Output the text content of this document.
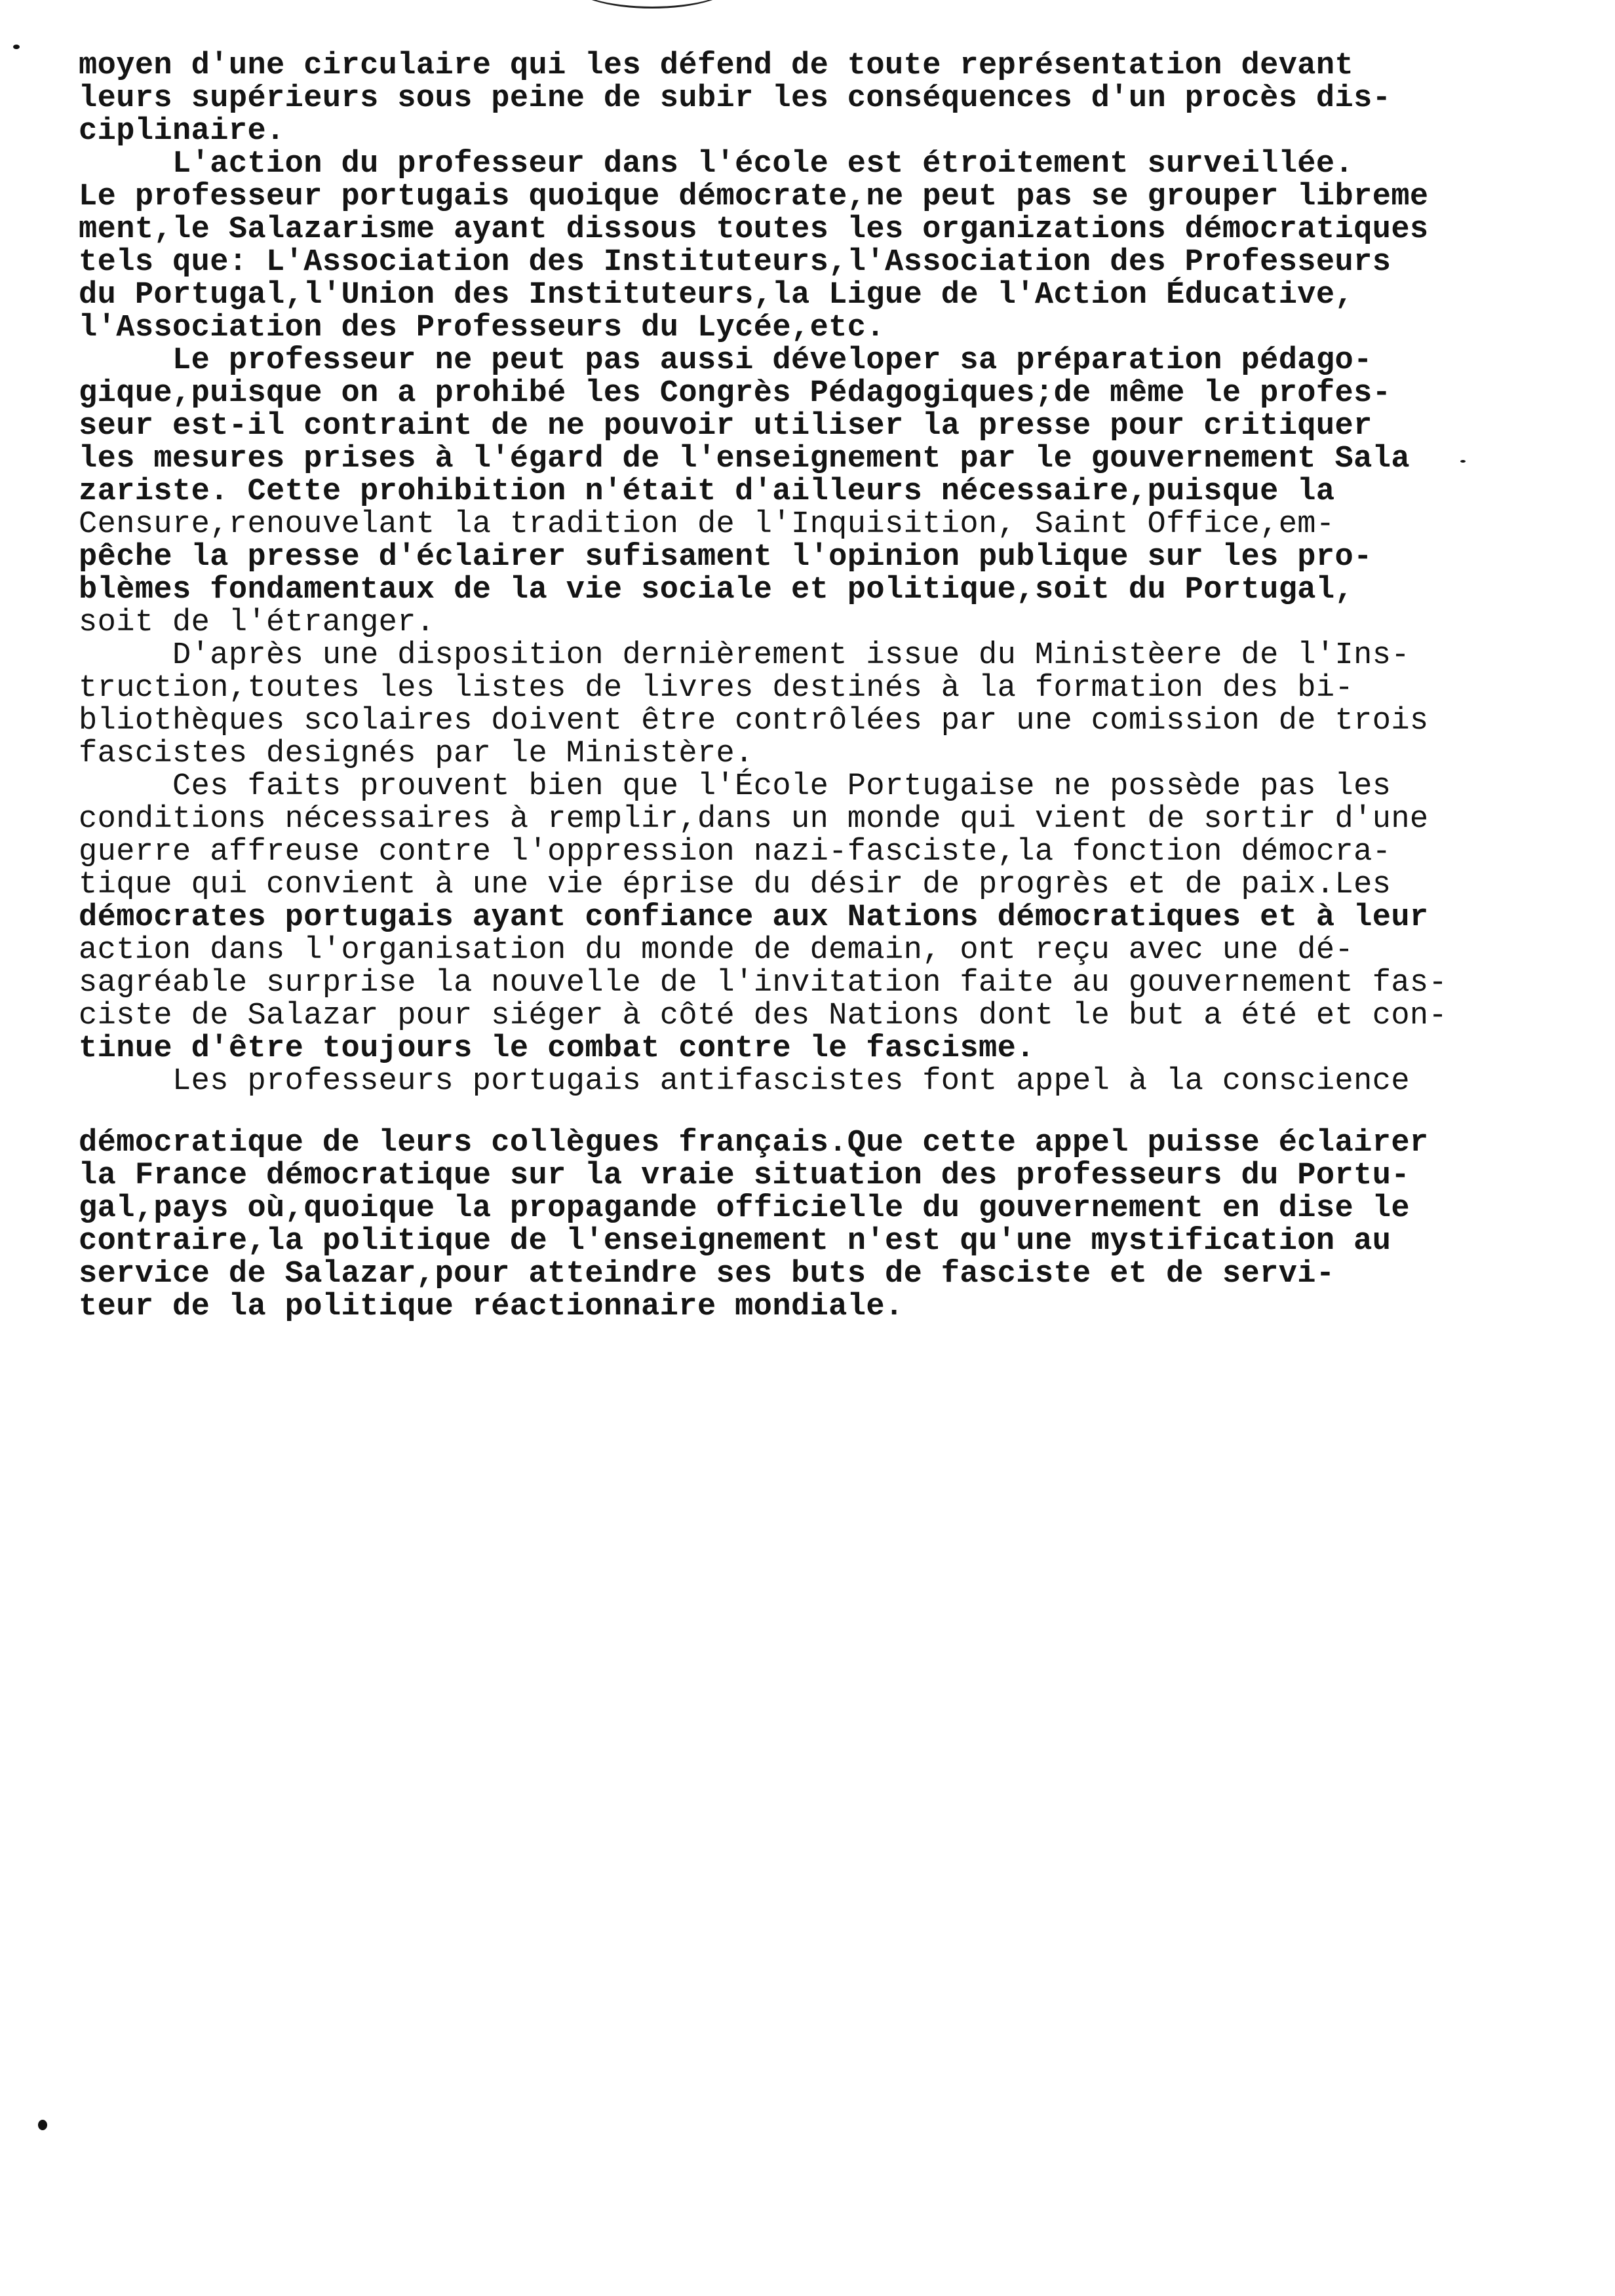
moyen d'une circulaire qui les défend de toute représentation devant
leurs supérieurs sous peine de subir les conséquences d'un procès dis-
ciplinaire.
L'action du professeur dans l'école est étroitement surveillée.
Le professeur portugais quoique démocrate,ne peut pas se grouper libreme
ment,le Salazarisme ayant dissous toutes les organizations démocratiques
tels que: L'Association des Instituteurs,l'Association des Professeurs
du Portugal,l'Union des Instituteurs,la Ligue de l'Action Éducative,
l'Association des Professeurs du Lycée,etc.
Le professeur ne peut pas aussi déveloper sa préparation pédago-
gique,puisque on a prohibé les Congrès Pédagogiques;de même le profes-
seur est-il contraint de ne pouvoir utiliser la presse pour critiquer
les mesures prises à l'égard de l'enseignement par le gouvernement Sala
zariste. Cette prohibition n'était d'ailleurs nécessaire,puisque la
Censure,renouvelant la tradition de l'Inquisition, Saint Office,em-
pêche la presse d'éclairer sufisament l'opinion publique sur les pro-
blèmes fondamentaux de la vie sociale et politique,soit du Portugal,
soit de l'étranger.
D'après une disposition dernièrement issue du Ministèere de l'Ins-
truction,toutes les listes de livres destinés à la formation des bi-
bliothèques scolaires doivent être contrôlées par une comission de trois
fascistes designés par le Ministère.
Ces faits prouvent bien que l'École Portugaise ne possède pas les
conditions nécessaires à remplir,dans un monde qui vient de sortir d'une
guerre affreuse contre l'oppression nazi-fasciste,la fonction démocra-
tique qui convient à une vie éprise du désir de progrès et de paix.Les
démocrates portugais ayant confiance aux Nations démocratiques et à leur
action dans l'organisation du monde de demain, ont reçu avec une dé-
sagréable surprise la nouvelle de l'invitation faite au gouvernement fas-
ciste de Salazar pour siéger à côté des Nations dont le but a été et con-
tinue d'être toujours le combat contre le fascisme.
Les professeurs portugais antifascistes font appel à la conscience
démocratique de leurs collègues français.Que cette appel puisse éclairer
la France démocratique sur la vraie situation des professeurs du Portu-
gal,pays où,quoique la propagande officielle du gouvernement en dise le
contraire,la politique de l'enseignement n'est qu'une mystification au
service de Salazar,pour atteindre ses buts de fasciste et de servi-
teur de la politique réactionnaire mondiale.
